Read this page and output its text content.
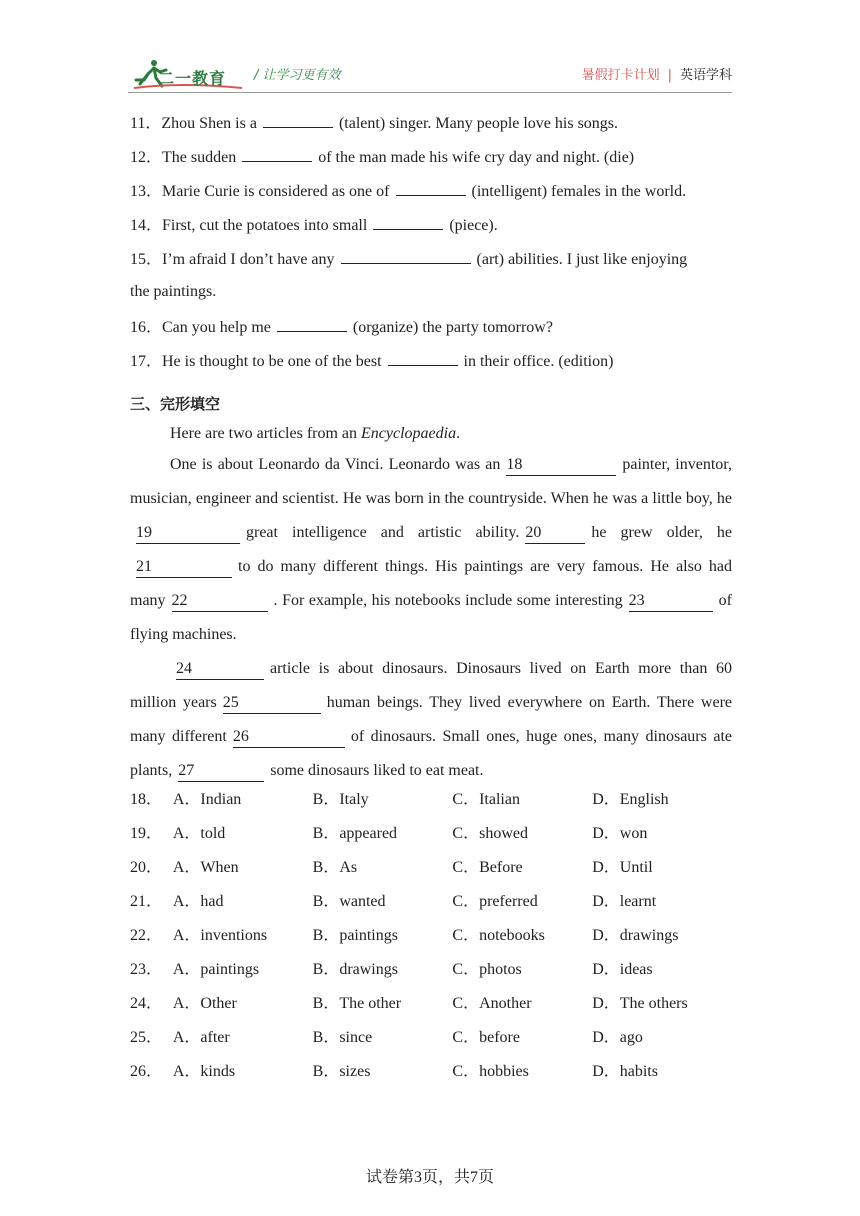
二一教育 / 让学习更有效	暑假打卡计划 | 英语学科
11．Zhou Shen is a	(talent) singer. Many people love his songs.
12．The sudden	of the man made his wife cry day and night. (die)
13．Marie Curie is considered as one of	(intelligent) females in the world.
14．First, cut the potatoes into small	(piece).
15．I’m afraid I don’t have any	(art) abilities. I just like enjoying
the paintings.
16．Can you help me	(organize) the party tomorrow?
17．He is thought to be one of the best	in their office. (edition)
三、完形填空
Here are two articles from an Encyclopaedia.
One is about Leonardo da Vinci. Leonardo was an 18	painter, inventor, musician, engineer and scientist. He was born in the countryside. When he was a little boy, he19	great intelligence and artistic ability. 20	he grew older, he21	to do many different things. His paintings are very famous. He also had many 22	. For example, his notebooks include some interesting 23	of flying machines.
24	article is about dinosaurs. Dinosaurs lived on Earth more than 60 million years 25	human beings. They lived everywhere on Earth. There were many different 26	of dinosaurs. Small ones, huge ones, many dinosaurs ate plants, 27	some dinosaurs liked to eat meat.
18． A．Indian	B．Italy	C．Italian	D．English
19． A．told	B．appeared	C．showed	D．won
20． A．When	B．As	C．Before	D．Until
21． A．had	B．wanted	C．preferred	D．learnt
22． A．inventions	B．paintings	C．notebooks	D．drawings
23． A．paintings	B．drawings	C．photos	D．ideas
24． A．Other	B．The other	C．Another	D．The others
25． A．after	B．since	C．before	D．ago
26． A．kinds	B．sizes	C．hobbies	D．habits
试卷第3页，共7页
